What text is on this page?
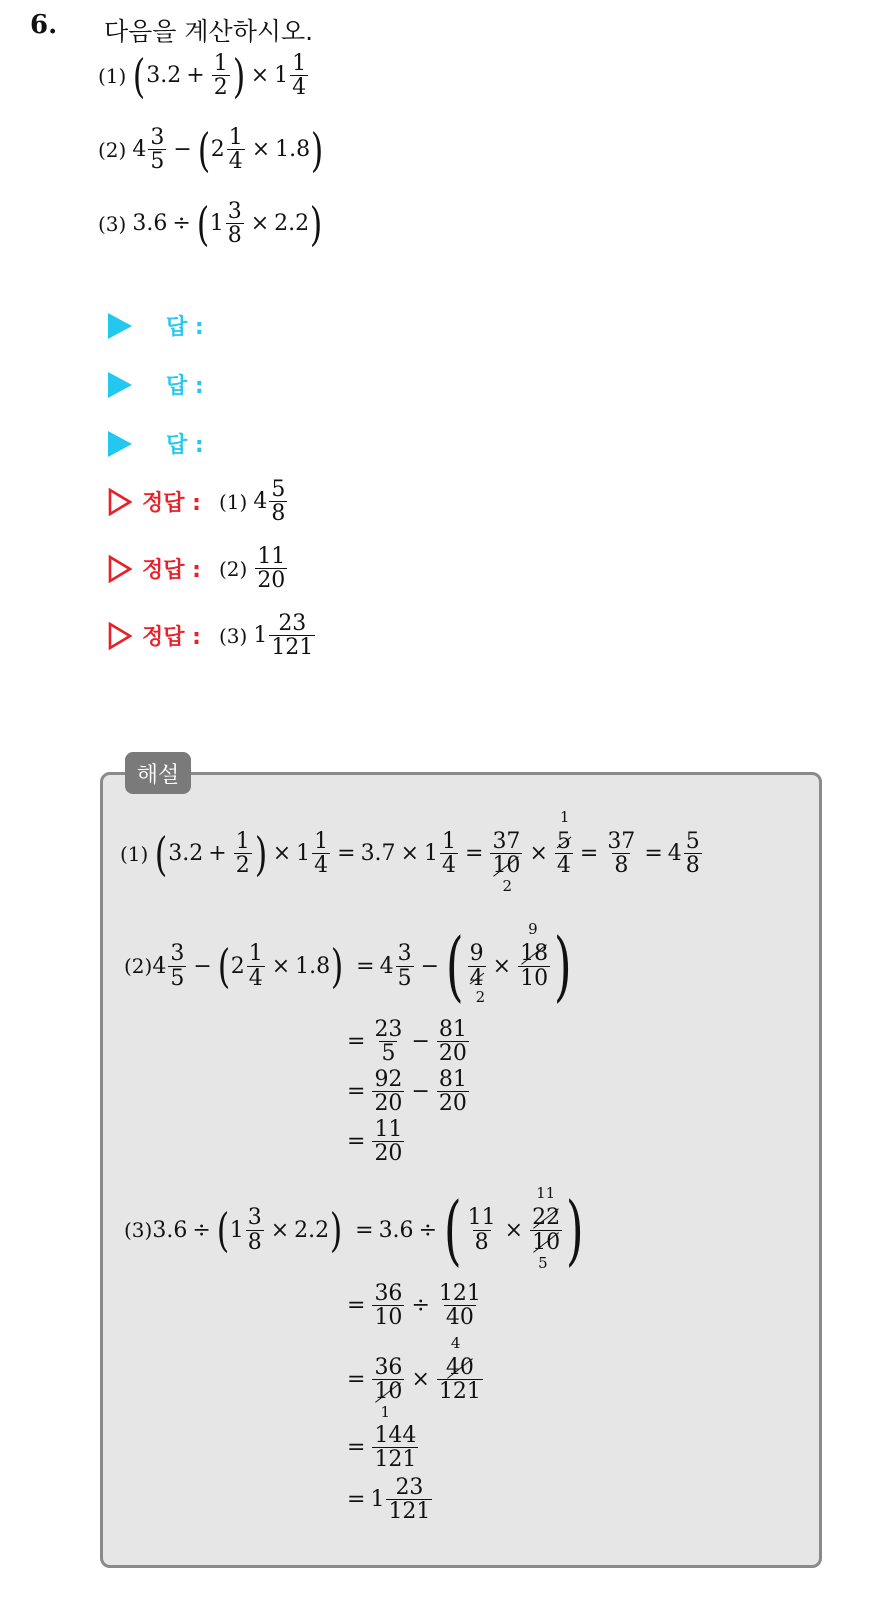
6. 다음을 계산하시오.
(1) ( $3.2 + \frac{1}{2}$ ) × $1 \frac{1}{4}$
(2) $4 \frac{3}{5}$ − ( $2 \frac{1}{4} \times 1.8$ )
(3) 3.6 ÷ ( $1 \frac{3}{8} \times 2.2$ )
답 :
답 :
답 :
정답 : (1) $4 \frac{5}{8}$
정답 : $(2) \frac{11}{20}$
정답 : (3) $1 \frac{23}{121}$
해설
(1) ( $3.2 + \frac{1}{2}$ ) × $1 \frac{1}{4} = 3.7 \times 1 \frac{1}{4} = 37$
10
2
×
1
5
$4 = \frac{37}{8} = 4 \frac{5}{8}$
(2) $4 \frac{3}{5}$ − ( $2 \frac{1}{4} \times 1.8$ ) = $4 \frac{3}{5}$ − ( 9
4
2
×
9
18
10 )
= $\frac{23}{5} - \frac{81}{20}$
= $\frac{92}{20} - \frac{81}{20}$
= $\frac{11}{20}$
(3) 3.6 ÷ ( $1 \frac{3}{8} \times 2.2$ ) = 3.6 ÷ ( $\frac{11}{8}$ ×
11
22
10
5 )
= $\frac{36}{10} \div \frac{121}{40}$
= 36
10
1
×
4
40
121
= $\frac{144}{121}$
= $1 \frac{23}{121}$
